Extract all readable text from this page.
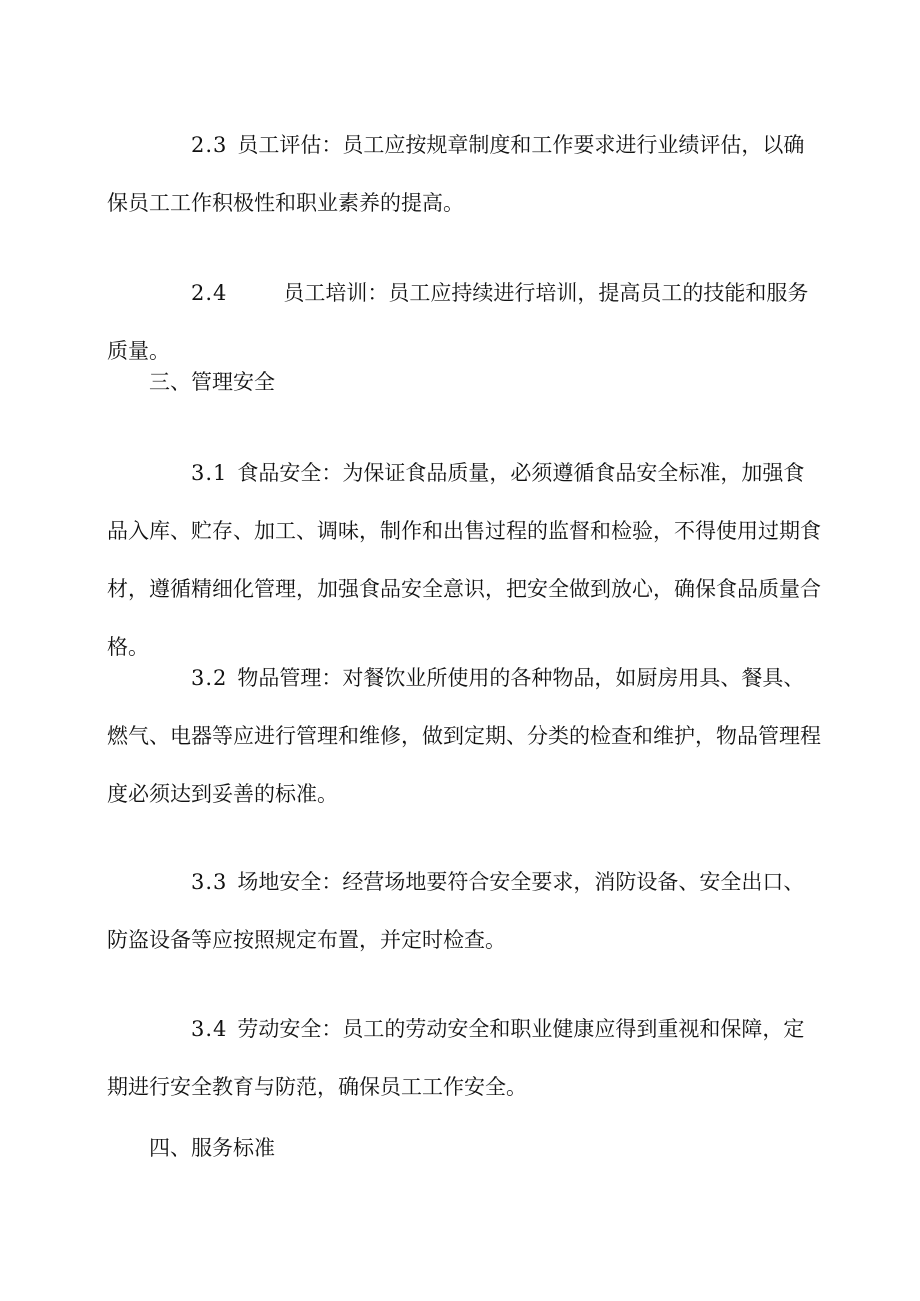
2.3 员工评估：员工应按规章制度和工作要求进行业绩评估，以确保员工工作积极性和职业素养的提高。

2.4	员工培训：员工应持续进行培训，提高员工的技能和服务质量。

三、管理安全

3.1 食品安全：为保证食品质量，必须遵循食品安全标准，加强食品入库、贮存、加工、调味，制作和出售过程的监督和检验，不得使用过期食材，遵循精细化管理，加强食品安全意识，把安全做到放心，确保食品质量合格。

3.2 物品管理：对餐饮业所使用的各种物品，如厨房用具、餐具、燃气、电器等应进行管理和维修，做到定期、分类的检查和维护，物品管理程度必须达到妥善的标准。

3.3 场地安全：经营场地要符合安全要求，消防设备、安全出口、防盗设备等应按照规定布置，并定时检查。

3.4 劳动安全：员工的劳动安全和职业健康应得到重视和保障，定期进行安全教育与防范，确保员工工作安全。

四、服务标准
